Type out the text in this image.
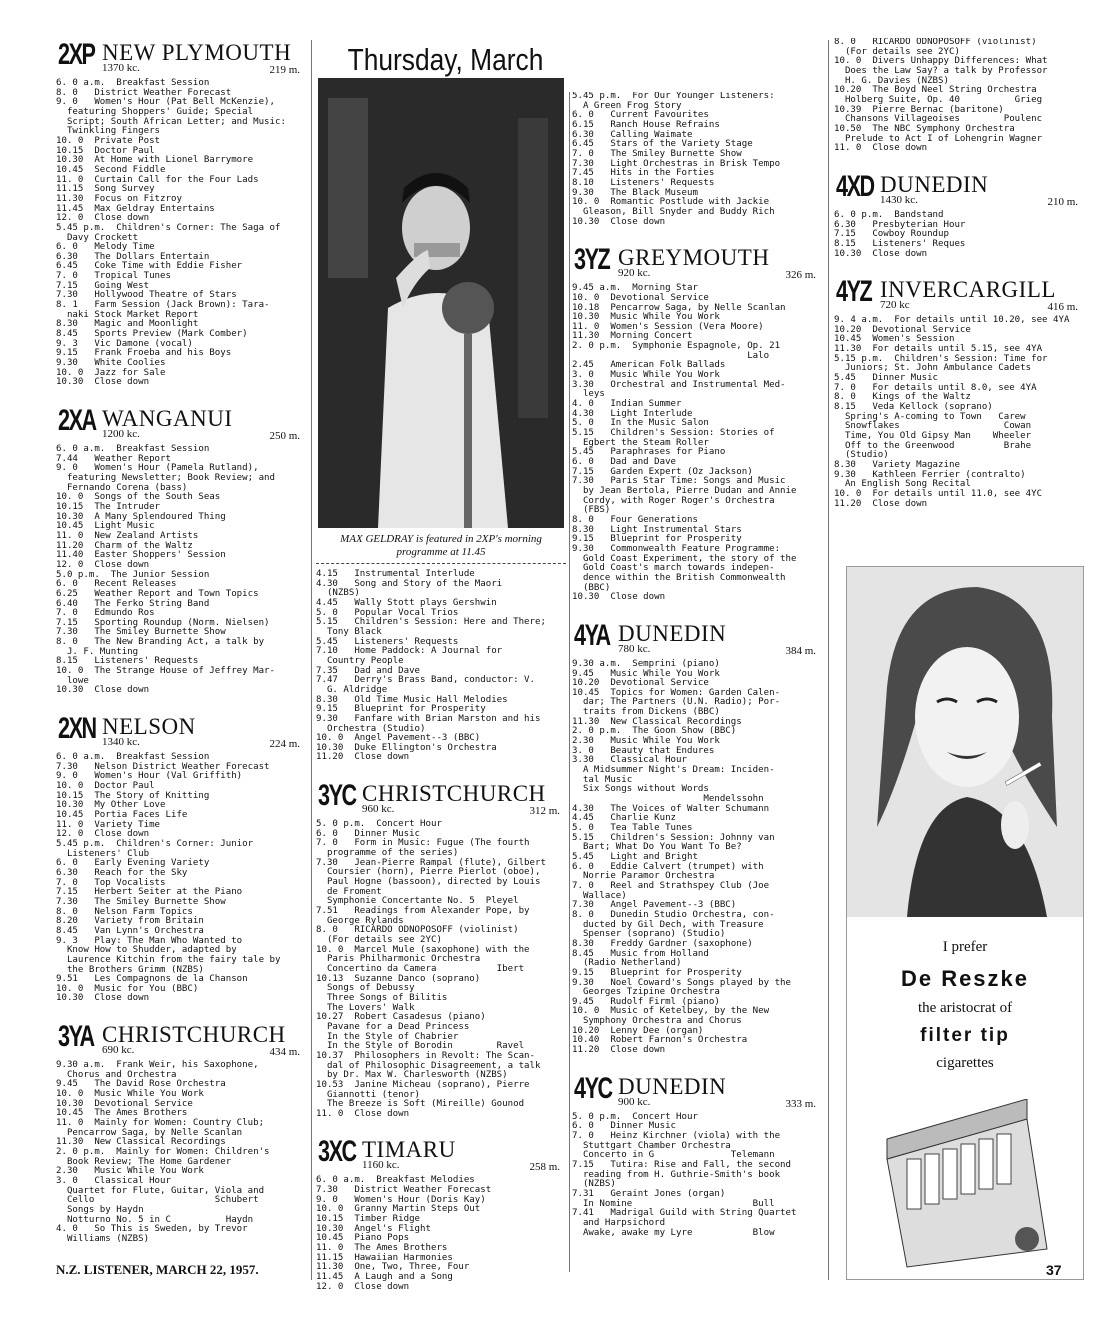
Thursday, March
2XP NEW PLYMOUTH
1370 kc.	219 m.
6. 0 a.m.  Breakfast Session
8. 0   District Weather Forecast
9. 0   Women's Hour (Pat Bell McKenzie),
featuring Shoppers' Guide; Special
Script; South African Letter; and Music:
Twinkling Fingers
10. 0  Private Post
10.15  Doctor Paul
10.30  At Home with Lionel Barrymore
10.45  Second Fiddle
11. 0  Curtain Call for the Four Lads
11.15  Song Survey
11.30  Focus on Fitzroy
11.45  Max Geldray Entertains
12. 0  Close down
5.45 p.m.  Children's Corner: The Saga of
Davy Crockett
6. 0   Melody Time
6.30   The Dollars Entertain
6.45   Coke Time with Eddie Fisher
7. 0   Tropical Tunes
7.15   Going West
7.30   Hollywood Theatre of Stars
8. 1   Farm Session (Jack Brown): Tara-
naki Stock Market Report
8.30   Magic and Moonlight
8.45   Sports Preview (Mark Comber)
9. 3   Vic Damone (vocal)
9.15   Frank Froeba and his Boys
9.30   White Coolies
10. 0  Jazz for Sale
10.30  Close down
2XA WANGANUI
1200 kc.	250 m.
6. 0 a.m.  Breakfast Session
7.44   Weather Report
9. 0   Women's Hour (Pamela Rutland),
featuring Newsletter; Book Review; and
Fernando Corena (bass)
10. 0  Songs of the South Seas
10.15  The Intruder
10.30  A Many Splendoured Thing
10.45  Light Music
11. 0  New Zealand Artists
11.20  Charm of the Waltz
11.40  Easter Shoppers' Session
12. 0  Close down
5.0 p.m.  The Junior Session
6. 0   Recent Releases
6.25   Weather Report and Town Topics
6.40   The Ferko String Band
7. 0   Edmundo Ros
7.15   Sporting Roundup (Norm. Nielsen)
7.30   The Smiley Burnette Show
8. 0   The New Branding Act, a talk by
J. F. Munting
8.15   Listeners' Requests
10. 0  The Strange House of Jeffrey Mar-
lowe
10.30  Close down
2XN NELSON
1340 kc.	224 m.
6. 0 a.m.  Breakfast Session
7.30   Nelson District Weather Forecast
9. 0   Women's Hour (Val Griffith)
10. 0  Doctor Paul
10.15  The Story of Knitting
10.30  My Other Love
10.45  Portia Faces Life
11. 0  Variety Time
12. 0  Close down
5.45 p.m.  Children's Corner: Junior
Listeners' Club
6. 0   Early Evening Variety
6.30   Reach for the Sky
7. 0   Top Vocalists
7.15   Herbert Seiter at the Piano
7.30   The Smiley Burnette Show
8. 0   Nelson Farm Topics
8.20   Variety from Britain
8.45   Van Lynn's Orchestra
9. 3   Play: The Man Who Wanted to
Know How to Shudder, adapted by
Laurence Kitchin from the fairy tale by
the Brothers Grimm (NZBS)
9.51   Les Compagnons de la Chanson
10. 0  Music for You (BBC)
10.30  Close down
3YA CHRISTCHURCH
690 kc.	434 m.
9.30 a.m.  Frank Weir, his Saxophone,
Chorus and Orchestra
9.45   The David Rose Orchestra
10. 0  Music While You Work
10.30  Devotional Service
10.45  The Ames Brothers
11. 0  Mainly for Women: Country Club;
Pencarrow Saga, by Nelle Scanlan
11.30  New Classical Recordings
2. 0 p.m.  Mainly for Women: Children's
Book Review; The Home Gardener
2.30   Music While You Work
3. 0   Classical Hour
Quartet for Flute, Guitar, Viola and
Cello                      Schubert
Songs by Haydn
Notturno No. 5 in C          Haydn
4. 0   So This is Sweden, by Trevor
Williams (NZBS)
MAX GELDRAY is featured in 2XP's morning programme at 11.45
4.15   Instrumental Interlude
4.30   Song and Story of the Maori
(NZBS)
4.45   Wally Stott plays Gershwin
5. 0   Popular Vocal Trios
5.15   Children's Session: Here and There;
Tony Black
5.45   Listeners' Requests
7.10   Home Paddock: A Journal for
Country People
7.35   Dad and Dave
7.47   Derry's Brass Band, conductor: V.
G. Aldridge
8.30   Old Time Music Hall Melodies
9.15   Blueprint for Prosperity
9.30   Fanfare with Brian Marston and his
Orchestra (Studio)
10. 0  Angel Pavement--3 (BBC)
10.30  Duke Ellington's Orchestra
11.20  Close down
3YC CHRISTCHURCH
960 kc.	312 m.
5. 0 p.m.  Concert Hour
6. 0   Dinner Music
7. 0   Form in Music: Fugue (The fourth
programme of the series)
7.30   Jean-Pierre Rampal (flute), Gilbert
Coursier (horn), Pierre Pierlot (oboe),
Paul Hogne (bassoon), directed by Louis
de Froment
Symphonie Concertante No. 5  Pleyel
7.51   Readings from Alexander Pope, by
George Rylands
8. 0   RICARDO ODNOPOSOFF (violinist)
(For details see 2YC)
10. 0  Marcel Mule (saxophone) with the
Paris Philharmonic Orchestra
Concertino da Camera           Ibert
10.13  Suzanne Danco (soprano)
Songs of Debussy
Three Songs of Bilitis
The Lovers' Walk
10.27  Robert Casadesus (piano)
Pavane for a Dead Princess
In the Style of Chabrier
In the Style of Borodin        Ravel
10.37  Philosophers in Revolt: The Scan-
dal of Philosophic Disagreement, a talk
by Dr. Max W. Charlesworth (NZBS)
10.53  Janine Micheau (soprano), Pierre
Giannotti (tenor)
The Breeze is Soft (Mireille) Gounod
11. 0  Close down
3XC TIMARU
1160 kc.	258 m.
6. 0 a.m.  Breakfast Melodies
7.30   District Weather Forecast
9. 0   Women's Hour (Doris Kay)
10. 0  Granny Martin Steps Out
10.15  Timber Ridge
10.30  Angel's Flight
10.45  Piano Pops
11. 0  The Ames Brothers
11.15  Hawaiian Harmonies
11.30  One, Two, Three, Four
11.45  A Laugh and a Song
12. 0  Close down
5.45 p.m.  For Our Younger Listeners:
A Green Frog Story
6. 0   Current Favourites
6.15   Ranch House Refrains
6.30   Calling Waimate
6.45   Stars of the Variety Stage
7. 0   The Smiley Burnette Show
7.30   Light Orchestras in Brisk Tempo
7.45   Hits in the Forties
8.10   Listeners' Requests
9.30   The Black Museum
10. 0  Romantic Postlude with Jackie
Gleason, Bill Snyder and Buddy Rich
10.30  Close down
3YZ GREYMOUTH
920 kc.	326 m.
9.45 a.m.  Morning Star
10. 0  Devotional Service
10.18  Pencarrow Saga, by Nelle Scanlan
10.30  Music While You Work
11. 0  Women's Session (Vera Moore)
11.30  Morning Concert
2. 0 p.m.  Symphonie Espagnole, Op. 21
Lalo
2.45   American Folk Ballads
3. 0   Music While You Work
3.30   Orchestral and Instrumental Med-
leys
4. 0   Indian Summer
4.30   Light Interlude
5. 0   In the Music Salon
5.15   Children's Session: Stories of
Egbert the Steam Roller
5.45   Paraphrases for Piano
6. 0   Dad and Dave
7.15   Garden Expert (Oz Jackson)
7.30   Paris Star Time: Songs and Music
by Jean Bertola, Pierre Dudan and Annie
Cordy, with Roger Roger's Orchestra
(FBS)
8. 0   Four Generations
8.30   Light Instrumental Stars
9.15   Blueprint for Prosperity
9.30   Commonwealth Feature Programme:
Gold Coast Experiment, the story of the
Gold Coast's march towards indepen-
dence within the British Commonwealth
(BBC)
10.30  Close down
4YA DUNEDIN
780 kc.	384 m.
9.30 a.m.  Semprini (piano)
9.45   Music While You Work
10.20  Devotional Service
10.45  Topics for Women: Garden Calen-
dar; The Partners (U.N. Radio); Por-
traits from Dickens (BBC)
11.30  New Classical Recordings
2. 0 p.m.  The Goon Show (BBC)
2.30   Music While You Work
3. 0   Beauty that Endures
3.30   Classical Hour
A Midsummer Night's Dream: Inciden-
tal Music
Six Songs without Words
Mendelssohn
4.30   The Voices of Walter Schumann
4.45   Charlie Kunz
5. 0   Tea Table Tunes
5.15   Children's Session: Johnny van
Bart; What Do You Want To Be?
5.45   Light and Bright
6. 0   Eddie Calvert (trumpet) with
Norrie Paramor Orchestra
7. 0   Reel and Strathspey Club (Joe
Wallace)
7.30   Angel Pavement--3 (BBC)
8. 0   Dunedin Studio Orchestra, con-
ducted by Gil Dech, with Treasure
Spenser (soprano) (Studio)
8.30   Freddy Gardner (saxophone)
8.45   Music from Holland
(Radio Netherland)
9.15   Blueprint for Prosperity
9.30   Noel Coward's Songs played by the
Georges Tzipine Orchestra
9.45   Rudolf Firml (piano)
10. 0  Music of Ketelbey, by the New
Symphony Orchestra and Chorus
10.20  Lenny Dee (organ)
10.40  Robert Farnon's Orchestra
11.20  Close down
4YC DUNEDIN
900 kc.	333 m.
5. 0 p.m.  Concert Hour
6. 0   Dinner Music
7. 0   Heinz Kirchner (viola) with the
Stuttgart Chamber Orchestra
Concerto in G              Telemann
7.15   Tutira: Rise and Fall, the second
reading from H. Guthrie-Smith's book
(NZBS)
7.31   Geraint Jones (organ)
In Nomine                      Bull
7.41   Madrigal Guild with String Quartet
and Harpsichord
Awake, awake my Lyre           Blow
8. 0   RICARDO ODNOPOSOFF (violinist)
(For details see 2YC)
10. 0  Divers Unhappy Differences: What
Does the Law Say? a talk by Professor
H. G. Davies (NZBS)
10.20  The Boyd Neel String Orchestra
Holberg Suite, Op. 40          Grieg
10.39  Pierre Bernac (baritone)
Chansons Villageoises        Poulenc
10.50  The NBC Symphony Orchestra
Prelude to Act I of Lohengrin Wagner
11. 0  Close down
4XD DUNEDIN
1430 kc.	210 m.
6. 0 p.m.  Bandstand
6.30   Presbyterian Hour
7.15   Cowboy Roundup
8.15   Listeners' Reques
10.30  Close down
4YZ INVERCARGILL
720 kc	416 m.
9. 4 a.m.  For details until 10.20, see 4YA
10.20  Devotional Service
10.45  Women's Session
11.30  For details until 5.15, see 4YA
5.15 p.m.  Children's Session: Time for
Juniors; St. John Ambulance Cadets
5.45   Dinner Music
7. 0   For details until 8.0, see 4YA
8. 0   Kings of the Waltz
8.15   Veda Kellock (soprano)
Spring's A-coming to Town   Carew
Snowflakes                   Cowan
Time, You Old Gipsy Man    Wheeler
Off to the Greenwood         Brahe
(Studio)
8.30   Variety Magazine
9.30   Kathleen Ferrier (contralto)
An English Song Recital
10. 0  For details until 11.0, see 4YC
11.20  Close down
I prefer
De Reszke
the aristocrat of
filter tip
cigarettes
N.Z. LISTENER, MARCH 22, 1957.	37
